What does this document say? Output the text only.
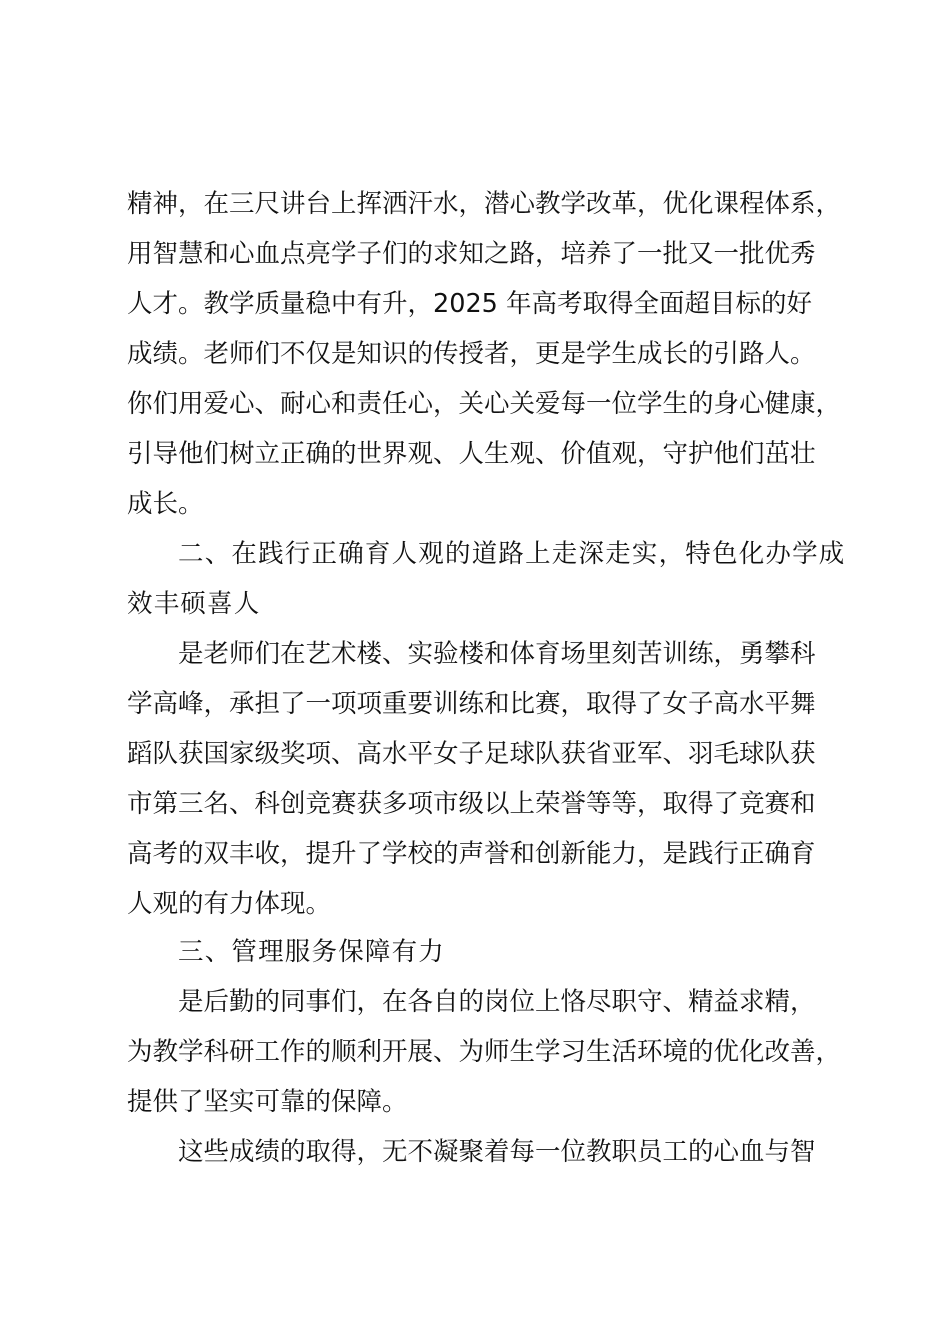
精神，在三尺讲台上挥洒汗水，潜心教学改革，优化课程体系，
用智慧和心血点亮学子们的求知之路，培养了一批又一批优秀
人才。教学质量稳中有升，2025 年高考取得全面超目标的好
成绩。老师们不仅是知识的传授者，更是学生成长的引路人。
你们用爱心、耐心和责任心，关心关爱每一位学生的身心健康，
引导他们树立正确的世界观、人生观、价值观，守护他们茁壮
成长。
二、在践行正确育人观的道路上走深走实，特色化办学成
效丰硕喜人
是老师们在艺术楼、实验楼和体育场里刻苦训练，勇攀科
学高峰，承担了一项项重要训练和比赛，取得了女子高水平舞
蹈队获国家级奖项、高水平女子足球队获省亚军、羽毛球队获
市第三名、科创竞赛获多项市级以上荣誉等等，取得了竞赛和
高考的双丰收，提升了学校的声誉和创新能力，是践行正确育
人观的有力体现。
三、管理服务保障有力
是后勤的同事们，在各自的岗位上恪尽职守、精益求精，
为教学科研工作的顺利开展、为师生学习生活环境的优化改善，
提供了坚实可靠的保障。
这些成绩的取得，无不凝聚着每一位教职员工的心血与智
